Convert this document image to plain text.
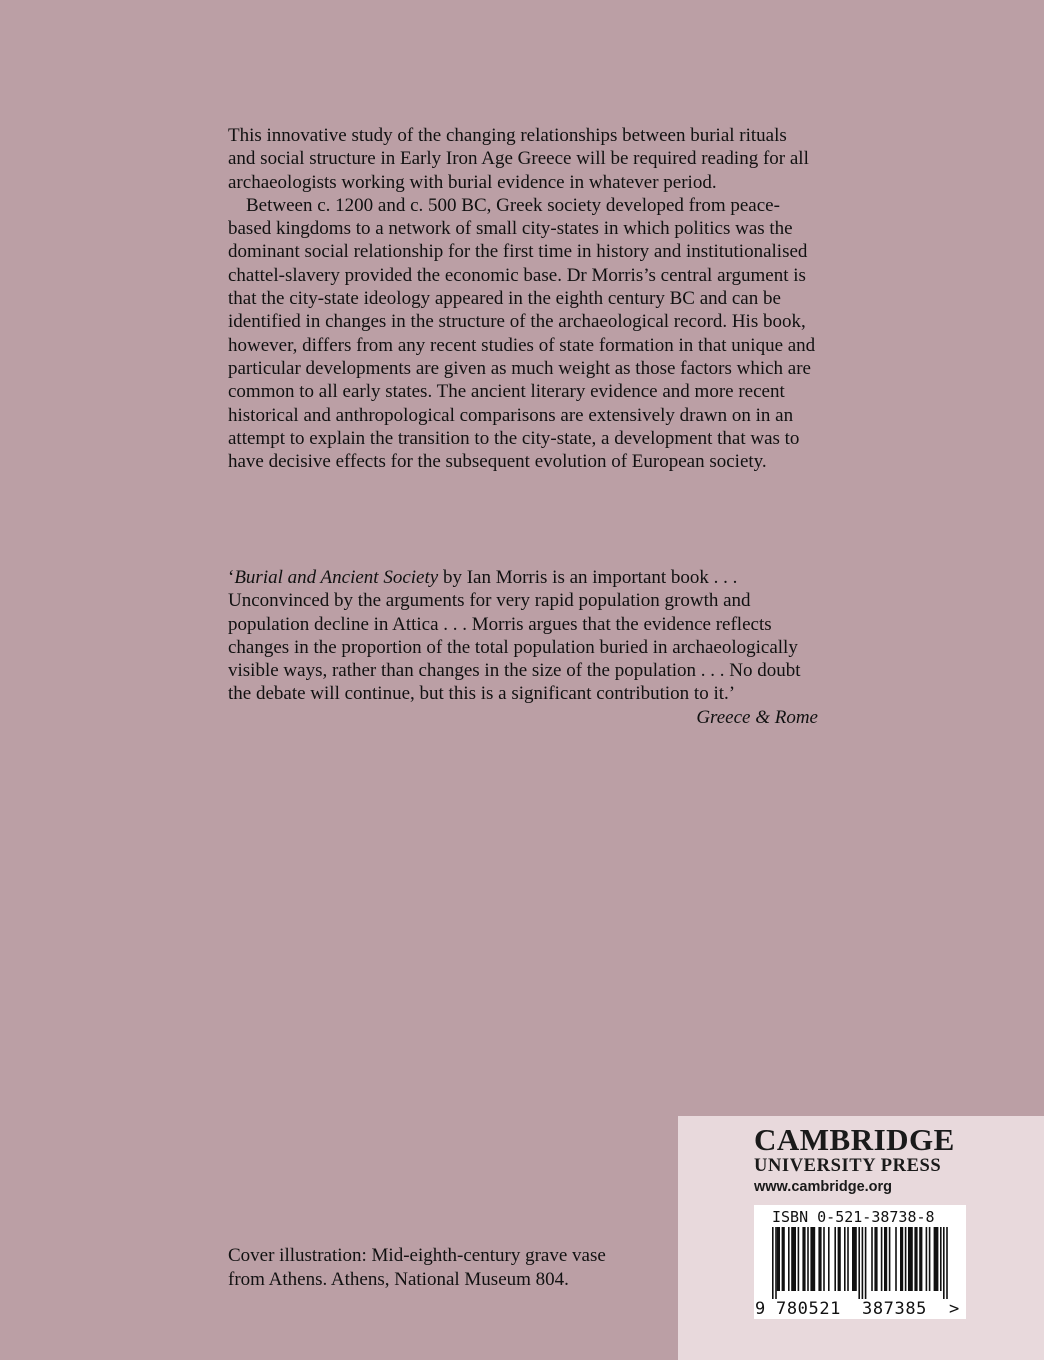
This innovative study of the changing relationships between burial rituals and social structure in Early Iron Age Greece will be required reading for all archaeologists working with burial evidence in whatever period.

Between c. 1200 and c. 500 BC, Greek society developed from peace-based kingdoms to a network of small city-states in which politics was the dominant social relationship for the first time in history and institutionalised chattel-slavery provided the economic base. Dr Morris’s central argument is that the city-state ideology appeared in the eighth century BC and can be identified in changes in the structure of the archaeological record. His book, however, differs from any recent studies of state formation in that unique and particular developments are given as much weight as those factors which are common to all early states. The ancient literary evidence and more recent historical and anthropological comparisons are extensively drawn on in an attempt to explain the transition to the city-state, a development that was to have decisive effects for the subsequent evolution of European society.

‘Burial and Ancient Society by Ian Morris is an important book . . . Unconvinced by the arguments for very rapid population growth and population decline in Attica . . . Morris argues that the evidence reflects changes in the proportion of the total population buried in archaeologically visible ways, rather than changes in the size of the population . . . No doubt the debate will continue, but this is a significant contribution to it.’
Greece & Rome

Cover illustration: Mid-eighth-century grave vase
from Athens. Athens, National Museum 804.
CAMBRIDGE
UNIVERSITY PRESS
www.cambridge.org
ISBN 0-521-38738-8
9 780521 387385 >
